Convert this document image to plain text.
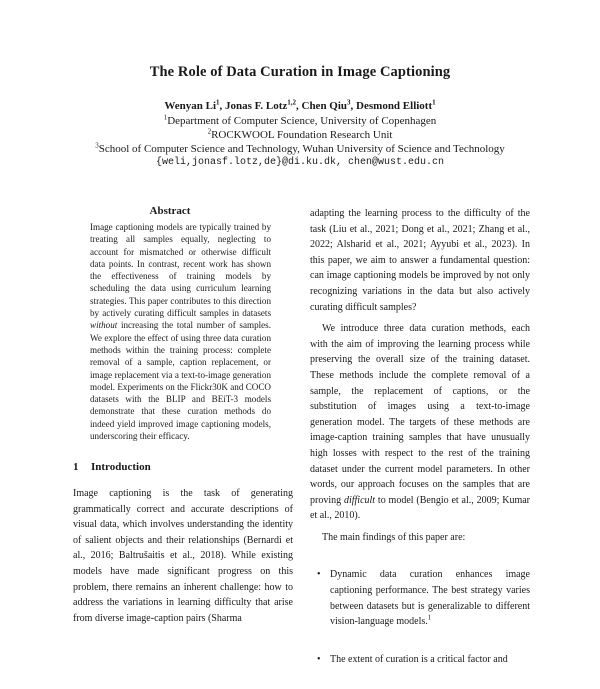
The Role of Data Curation in Image Captioning
Wenyan Li$^1$, Jonas F. Lotz$^{1,2}$, Chen Qiu$^3$, Desmond Elliott$^1$
$^1$Department of Computer Science, University of Copenhagen
$^2$ROCKWOOL Foundation Research Unit
$^3$School of Computer Science and Technology, Wuhan University of Science and Technology
{weli,jonasf.lotz,de}@di.ku.dk, chen@wust.edu.cn
Abstract

Image captioning models are typically trained by treating all samples equally, neglecting to account for mismatched or otherwise difficult data points. In contrast, recent work has shown the effectiveness of training models by scheduling the data using curriculum learning strategies. This paper contributes to this direction by actively curating difficult samples in datasets without increasing the total number of samples. We explore the effect of using three data curation methods within the training process: complete removal of a sample, caption replacement, or image replacement via a text-to-image generation model. Experiments on the Flickr30K and COCO datasets with the BLIP and BEiT-3 models demonstrate that these curation methods do indeed yield improved image captioning models, underscoring their efficacy.

1 Introduction

Image captioning is the task of generating grammatically correct and accurate descriptions of visual data, which involves understanding the identity of salient objects and their relationships (Bernardi et al., 2016; Baltrušaitis et al., 2018). While existing models have made significant progress on this problem, there remains an inherent challenge: how to address the variations in learning difficulty that arise from diverse image-caption pairs (Sharma

adapting the learning process to the difficulty of the task (Liu et al., 2021; Dong et al., 2021; Zhang et al., 2022; Alsharid et al., 2021; Ayyubi et al., 2023). In this paper, we aim to answer a fundamental question: can image captioning models be improved by not only recognizing variations in the data but also actively curating difficult samples?

We introduce three data curation methods, each with the aim of improving the learning process while preserving the overall size of the training dataset. These methods include the complete removal of a sample, the replacement of captions, or the substitution of images using a text-to-image generation model. The targets of these methods are image-caption training samples that have unusually high losses with respect to the rest of the training dataset under the current model parameters. In other words, our approach focuses on the samples that are proving difficult to model (Bengio et al., 2009; Kumar et al., 2010).

The main findings of this paper are:

• Dynamic data curation enhances image captioning performance. The best strategy varies between datasets but is generalizable to different vision-language models.$^1$
• The extent of curation is a critical factor and
